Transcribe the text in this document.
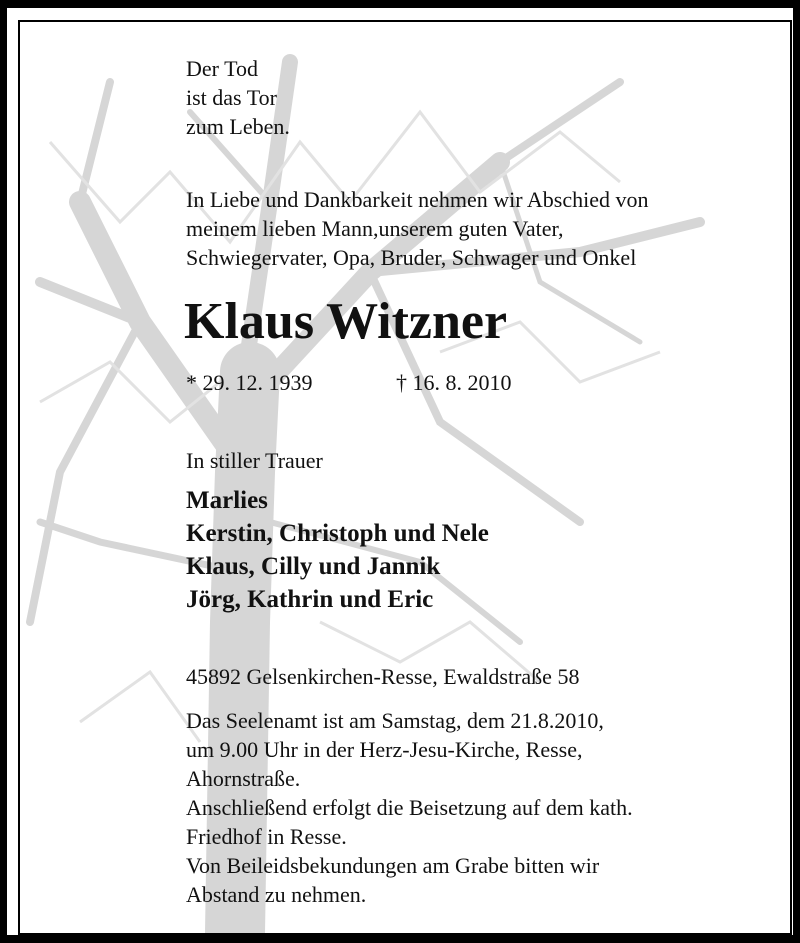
Der Tod
ist das Tor
zum Leben.
In Liebe und Dankbarkeit nehmen wir Abschied von
meinem lieben Mann,unserem guten Vater,
Schwiegervater, Opa, Bruder, Schwager und Onkel
Klaus Witzner
* 29. 12. 1939	† 16. 8. 2010
In stiller Trauer
Marlies
Kerstin, Christoph und Nele
Klaus, Cilly und Jannik
Jörg, Kathrin und Eric
45892 Gelsenkirchen-Resse, Ewaldstraße 58
Das Seelenamt ist am Samstag, dem 21.8.2010,
um 9.00 Uhr in der Herz-Jesu-Kirche, Resse,
Ahornstraße.
Anschließend erfolgt die Beisetzung auf dem kath.
Friedhof in Resse.
Von Beileidsbekundungen am Grabe bitten wir
Abstand zu nehmen.
